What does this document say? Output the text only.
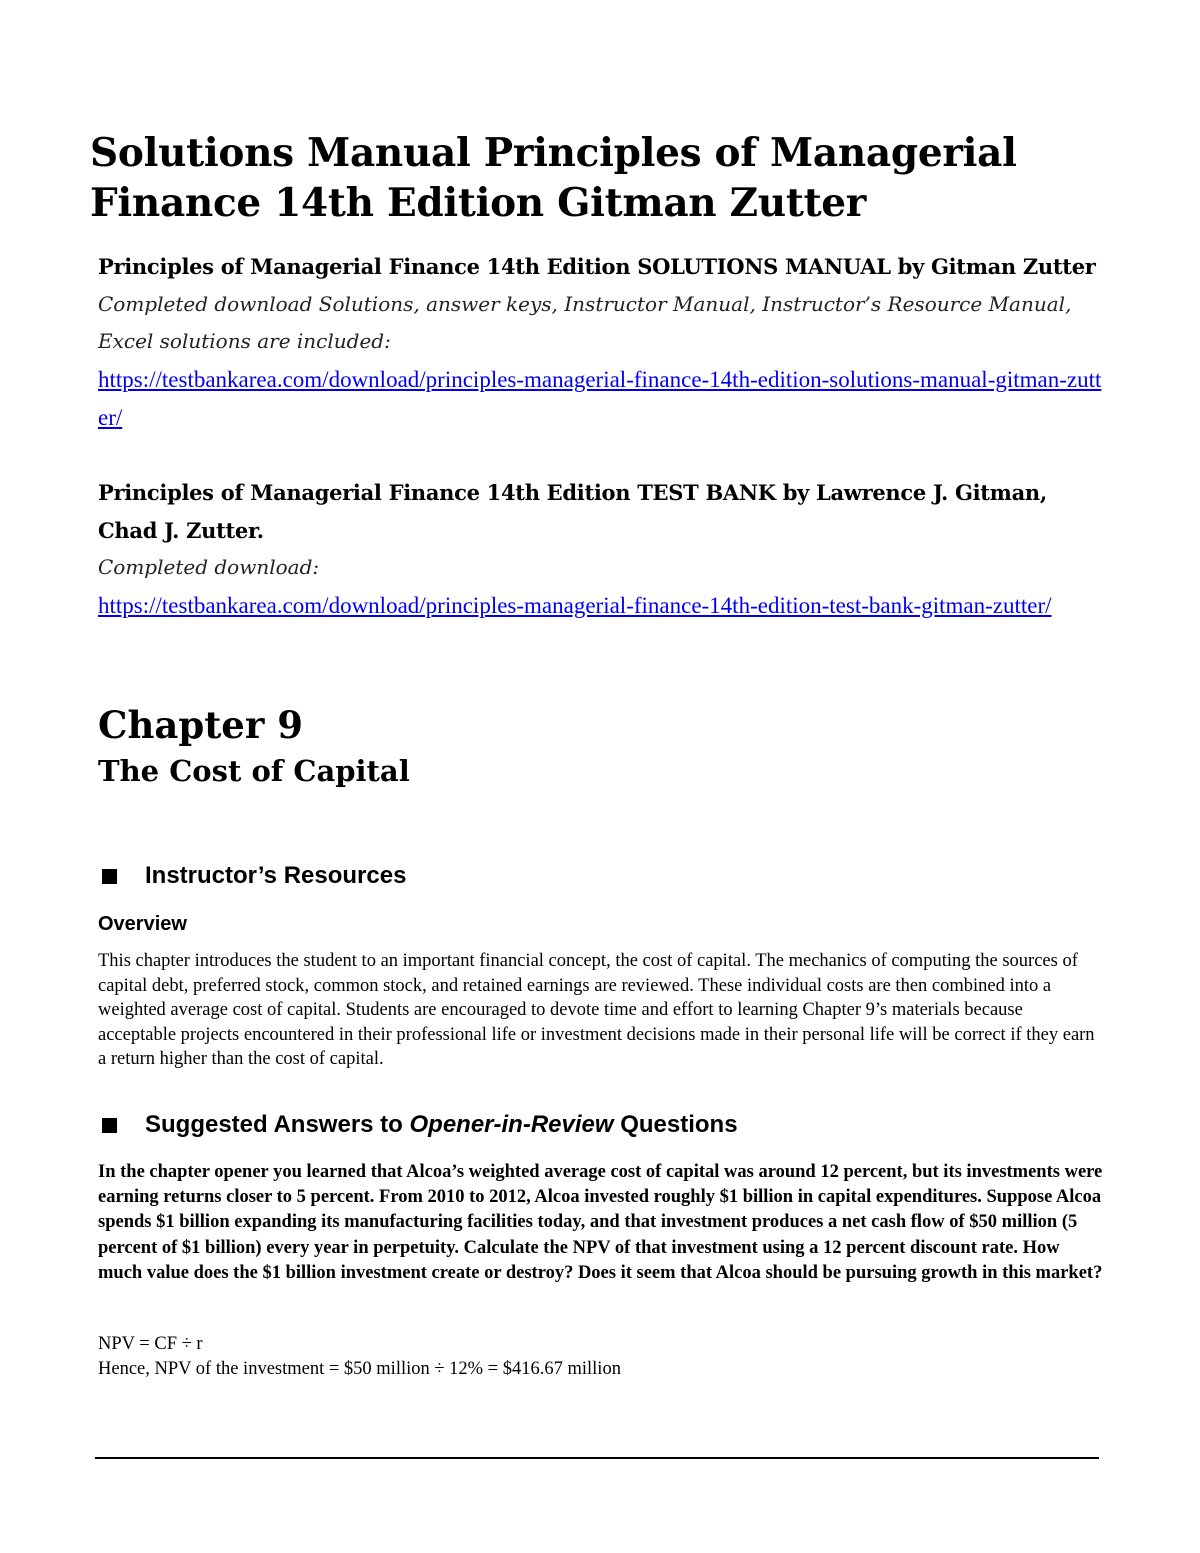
Solutions Manual Principles of Managerial Finance 14th Edition Gitman Zutter
Principles of Managerial Finance 14th Edition SOLUTIONS MANUAL by Gitman Zutter
Completed download Solutions, answer keys, Instructor Manual, Instructor’s Resource Manual, Excel solutions are included:
https://testbankarea.com/download/principles-managerial-finance-14th-edition-solutions-manual-gitman-zutter/
Principles of Managerial Finance 14th Edition TEST BANK by Lawrence J. Gitman, Chad J. Zutter.
Completed download:
https://testbankarea.com/download/principles-managerial-finance-14th-edition-test-bank-gitman-zutter/
Chapter 9
The Cost of Capital
Instructor’s Resources
Overview

This chapter introduces the student to an important financial concept, the cost of capital. The mechanics of computing the sources of capital debt, preferred stock, common stock, and retained earnings are reviewed. These individual costs are then combined into a weighted average cost of capital. Students are encouraged to devote time and effort to learning Chapter 9’s materials because acceptable projects encountered in their professional life or investment decisions made in their personal life will be correct if they earn a return higher than the cost of capital.

Suggested Answers to Opener-in-Review Questions

In the chapter opener you learned that Alcoa’s weighted average cost of capital was around 12 percent, but its investments were earning returns closer to 5 percent. From 2010 to 2012, Alcoa invested roughly $1 billion in capital expenditures. Suppose Alcoa spends $1 billion expanding its manufacturing facilities today, and that investment produces a net cash flow of $50 million (5 percent of $1 billion) every year in perpetuity. Calculate the NPV of that investment using a 12 percent discount rate. How much value does the $1 billion investment create or destroy? Does it seem that Alcoa should be pursuing growth in this market?

NPV = CF ÷ r
Hence, NPV of the investment = $50 million ÷ 12% = $416.67 million
